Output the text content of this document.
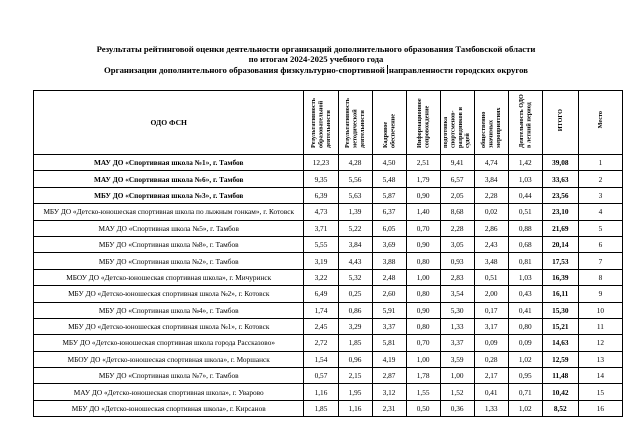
Результаты рейтинговой оценки деятельности организаций дополнительного образования Тамбовской области
по итогам 2024-2025 учебного года
Организации дополнительного образования физкультурно-спортивной направленности городских округов
ОДО ФСН	Результативность образовательной деятельности	Результативность методической деятельности	Кадровое обеспечение	Информационное сопровождение	подготовка спортсменов-разрядников и судей	общественно значимых мероприятиях	Деятельность ОДО в летний период	ИТОГО	Место
МАУ ДО «Спортивная школа №1», г. Тамбов	12,23	4,28	4,50	2,51	9,41	4,74	1,42	39,08	1
МАУ ДО «Спортивная школа №6», г. Тамбов	9,35	5,56	5,48	1,79	6,57	3,84	1,03	33,63	2
МБУ ДО «Спортивная школа №3», г. Тамбов	6,39	5,63	5,87	0,90	2,05	2,28	0,44	23,56	3
МБУ ДО «Детско-юношеская спортивная школа по лыжным гонкам», г. Котовск	4,73	1,39	6,37	1,40	8,68	0,02	0,51	23,10	4
МАУ ДО «Спортивная школа №5», г. Тамбов	3,71	5,22	6,05	0,70	2,28	2,86	0,88	21,69	5
МБУ ДО «Спортивная школа №8», г. Тамбов	5,55	3,84	3,69	0,90	3,05	2,43	0,68	20,14	6
МБУ ДО «Спортивная школа №2», г. Тамбов	3,19	4,43	3,88	0,80	0,93	3,48	0,81	17,53	7
МБОУ ДО «Детско-юношеская спортивная школа», г. Мичуринск	3,22	5,32	2,48	1,00	2,83	0,51	1,03	16,39	8
МБУ ДО «Детско-юношеская спортивная школа №2», г. Котовск	6,49	0,25	2,60	0,80	3,54	2,00	0,43	16,11	9
МБУ ДО «Спортивная школа №4», г. Тамбов	1,74	0,86	5,91	0,90	5,30	0,17	0,41	15,30	10
МБУ ДО «Детско-юношеская спортивная школа №1», г. Котовск	2,45	3,29	3,37	0,80	1,33	3,17	0,80	15,21	11
МБУ ДО «Детско-юношеская спортивная школа города Рассказово»	2,72	1,85	5,81	0,70	3,37	0,09	0,09	14,63	12
МБОУ ДО «Детско-юношеская спортивная школа», г. Моршанск	1,54	0,96	4,19	1,00	3,59	0,28	1,02	12,59	13
МБУ ДО «Спортивная школа №7», г. Тамбов	0,57	2,15	2,87	1,78	1,00	2,17	0,95	11,48	14
МАУ ДО «Детско-юношеская спортивная школа», г. Уварово	1,16	1,95	3,12	1,55	1,52	0,41	0,71	10,42	15
МБУ ДО «Детско-юношеская спортивная школа», г. Кирсанов	1,85	1,16	2,31	0,50	0,36	1,33	1,02	8,52	16
